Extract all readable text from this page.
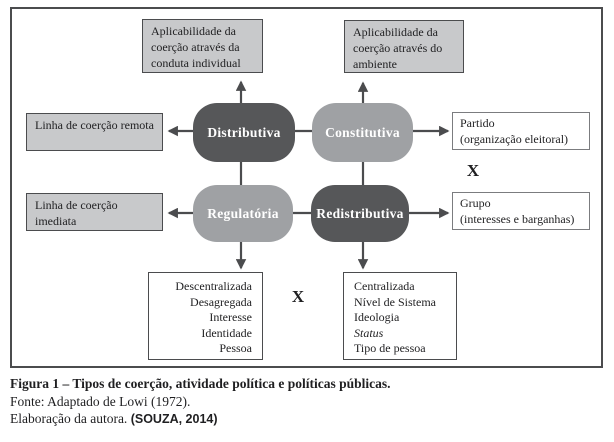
Aplicabilidade da coerção através da conduta individual
Aplicabilidade da coerção através do ambiente
Linha de coerção remota
Linha de coerção imediata
Distributiva	Constitutiva
Regulatória	Redistributiva
Partido
(organização eleitoral)
X
Grupo
(interesses e barganhas)
Descentralizada
Desagregada
Interesse
Identidade
Pessoa
X
Centralizada
Nível de Sistema
Ideologia
Status
Tipo de pessoa
Figura 1 – Tipos de coerção, atividade política e políticas públicas.
Fonte: Adaptado de Lowi (1972).
Elaboração da autora. (SOUZA, 2014)
